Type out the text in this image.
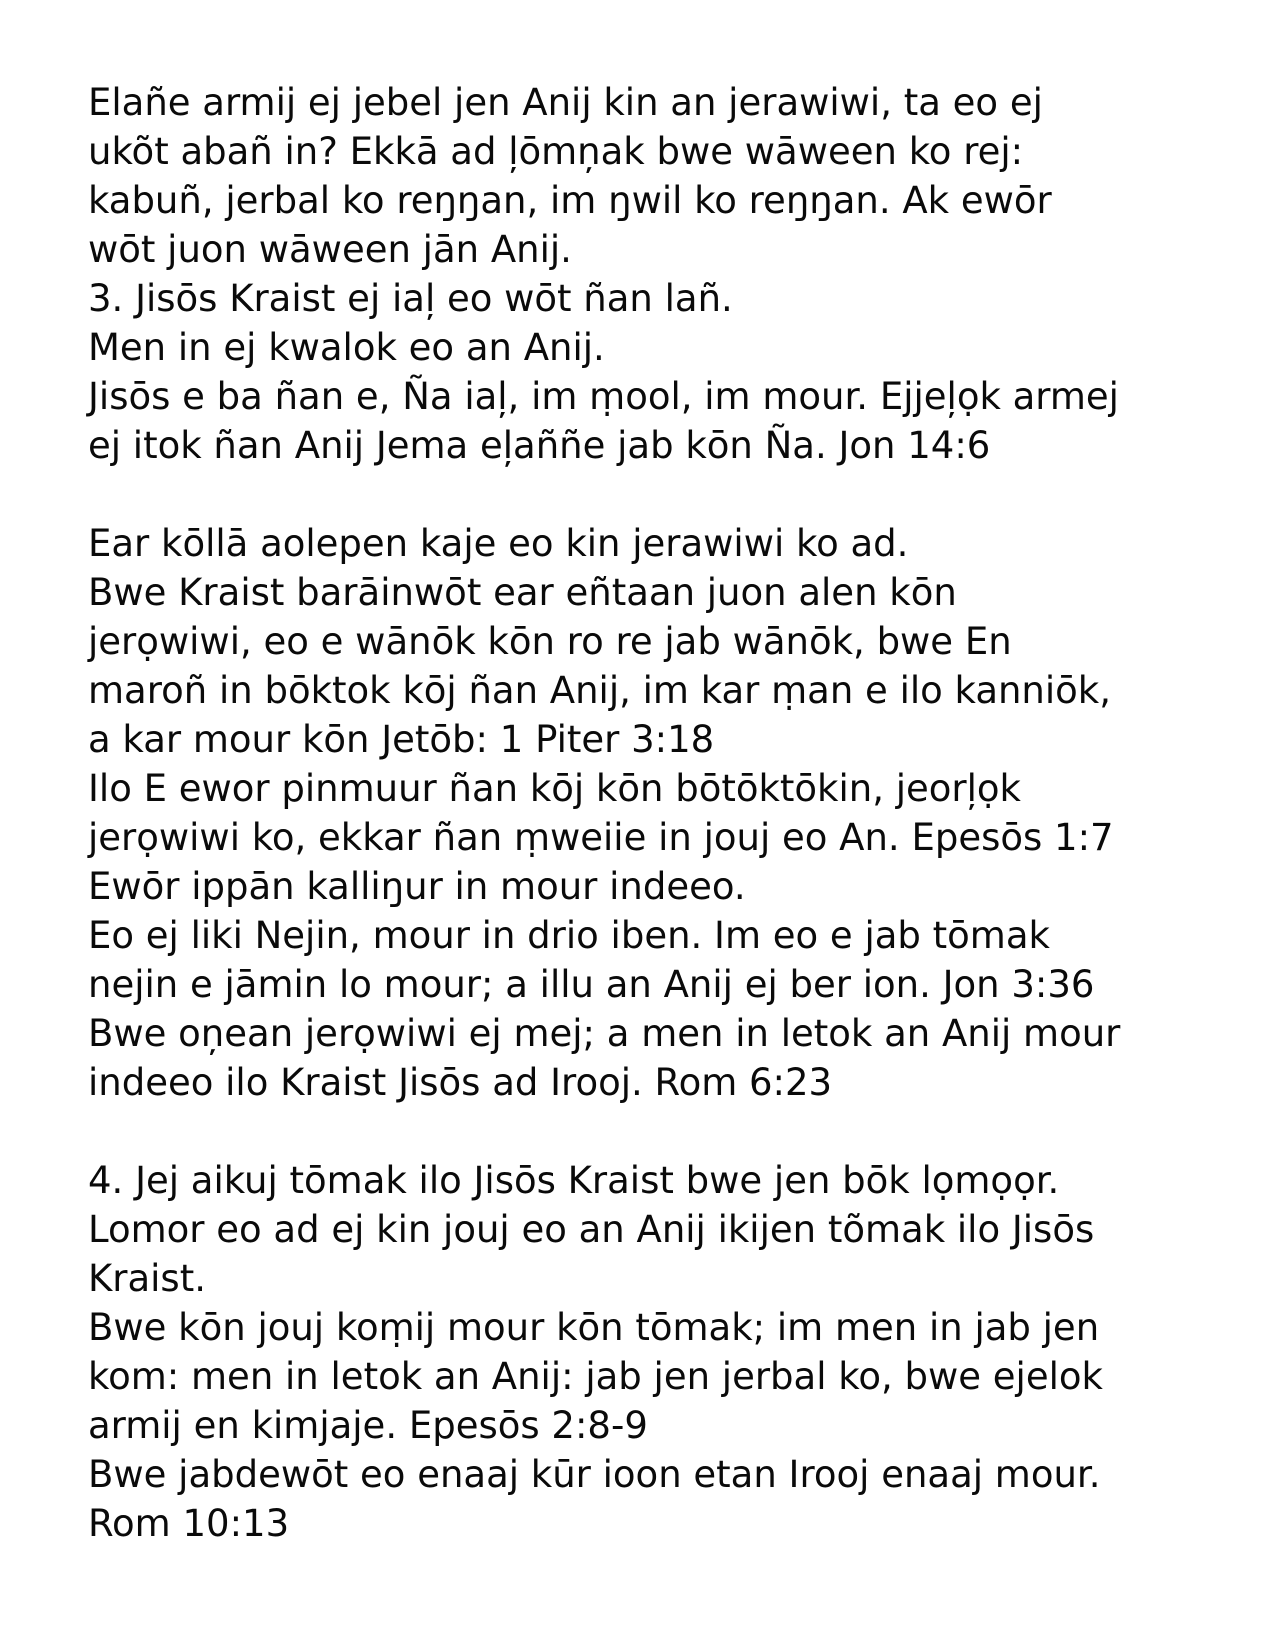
Elañe armij ej jebel jen Anij kin an jerawiwi, ta eo ej
ukõt abañ in? Ekkā ad ļōmņak bwe wāween ko rej:
kabuñ, jerbal ko reŋŋan, im ŋwil ko reŋŋan. Ak ewōr
wōt juon wāween jān Anij.
3. Jisōs Kraist ej iaļ eo wōt ñan lañ.
Men in ej kwalok eo an Anij.
Jisōs e ba ñan e, Ña iaļ, im ṃool, im mour. Ejjeļọk armej
ej itok ñan Anij Jema eļaññe jab kōn Ña. Jon 14:6
Ear kōllā aolepen kaje eo kin jerawiwi ko ad.
Bwe Kraist barāinwōt ear eñtaan juon alen kōn
jerọwiwi, eo e wānōk kōn ro re jab wānōk, bwe En
maroñ in bōktok kōj ñan Anij, im kar ṃan e ilo kanniōk,
a kar mour kōn Jetōb: 1 Piter 3:18
Ilo E ewor pinmuur ñan kōj kōn bōtōktōkin, jeorļọk
jerọwiwi ko, ekkar ñan ṃweiie in jouj eo An. Epesōs 1:7
Ewōr ippān kalliŋur in mour indeeo.
Eo ej liki Nejin, mour in drio iben. Im eo e jab tōmak
nejin e jāmin lo mour; a illu an Anij ej ber ion. Jon 3:36
Bwe oņean jerọwiwi ej mej; a men in letok an Anij mour
indeeo ilo Kraist Jisōs ad Irooj. Rom 6:23
4. Jej aikuj tōmak ilo Jisōs Kraist bwe jen bōk lọmọọr.
Lomor eo ad ej kin jouj eo an Anij ikijen tõmak ilo Jisōs
Kraist.
Bwe kōn jouj koṃij mour kōn tōmak; im men in jab jen
kom: men in letok an Anij: jab jen jerbal ko, bwe ejelok
armij en kimjaje. Epesōs 2:8-9
Bwe jabdewōt eo enaaj kūr ioon etan Irooj enaaj mour.
Rom 10:13
